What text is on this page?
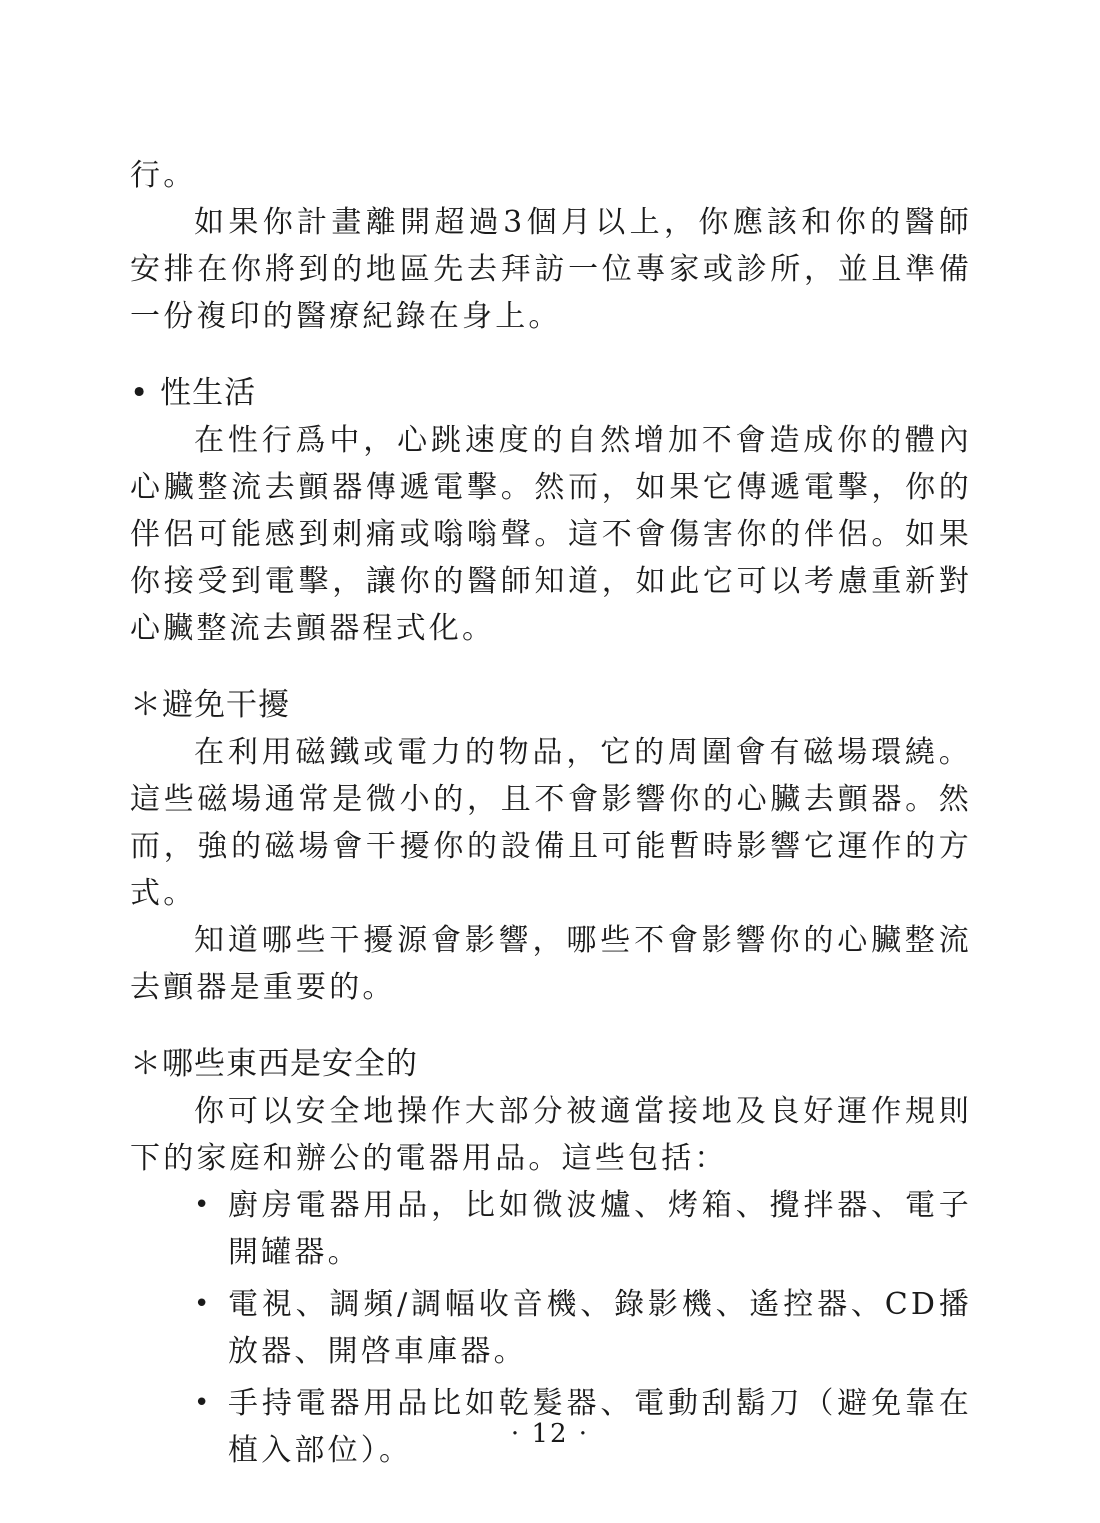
行。

如果你計畫離開超過3個月以上，你應該和你的醫師安排在你將到的地區先去拜訪一位專家或診所，並且準備一份複印的醫療紀錄在身上。

• 性生活

在性行爲中，心跳速度的自然增加不會造成你的體內心臟整流去顫器傳遞電擊。然而，如果它傳遞電擊，你的伴侶可能感到刺痛或嗡嗡聲。這不會傷害你的伴侶。如果你接受到電擊，讓你的醫師知道，如此它可以考慮重新對心臟整流去顫器程式化。

＊避免干擾

在利用磁鐵或電力的物品，它的周圍會有磁場環繞。這些磁場通常是微小的，且不會影響你的心臟去顫器。然而，強的磁場會干擾你的設備且可能暫時影響它運作的方式。

知道哪些干擾源會影響，哪些不會影響你的心臟整流去顫器是重要的。

＊哪些東西是安全的

你可以安全地操作大部分被適當接地及良好運作規則下的家庭和辦公的電器用品。這些包括：

• 廚房電器用品，比如微波爐、烤箱、攪拌器、電子開罐器。
• 電視、調頻/調幅收音機、錄影機、遙控器、CD播放器、開啓車庫器。
• 手持電器用品比如乾髮器、電動刮鬍刀（避免靠在植入部位）。	· 12 ·
